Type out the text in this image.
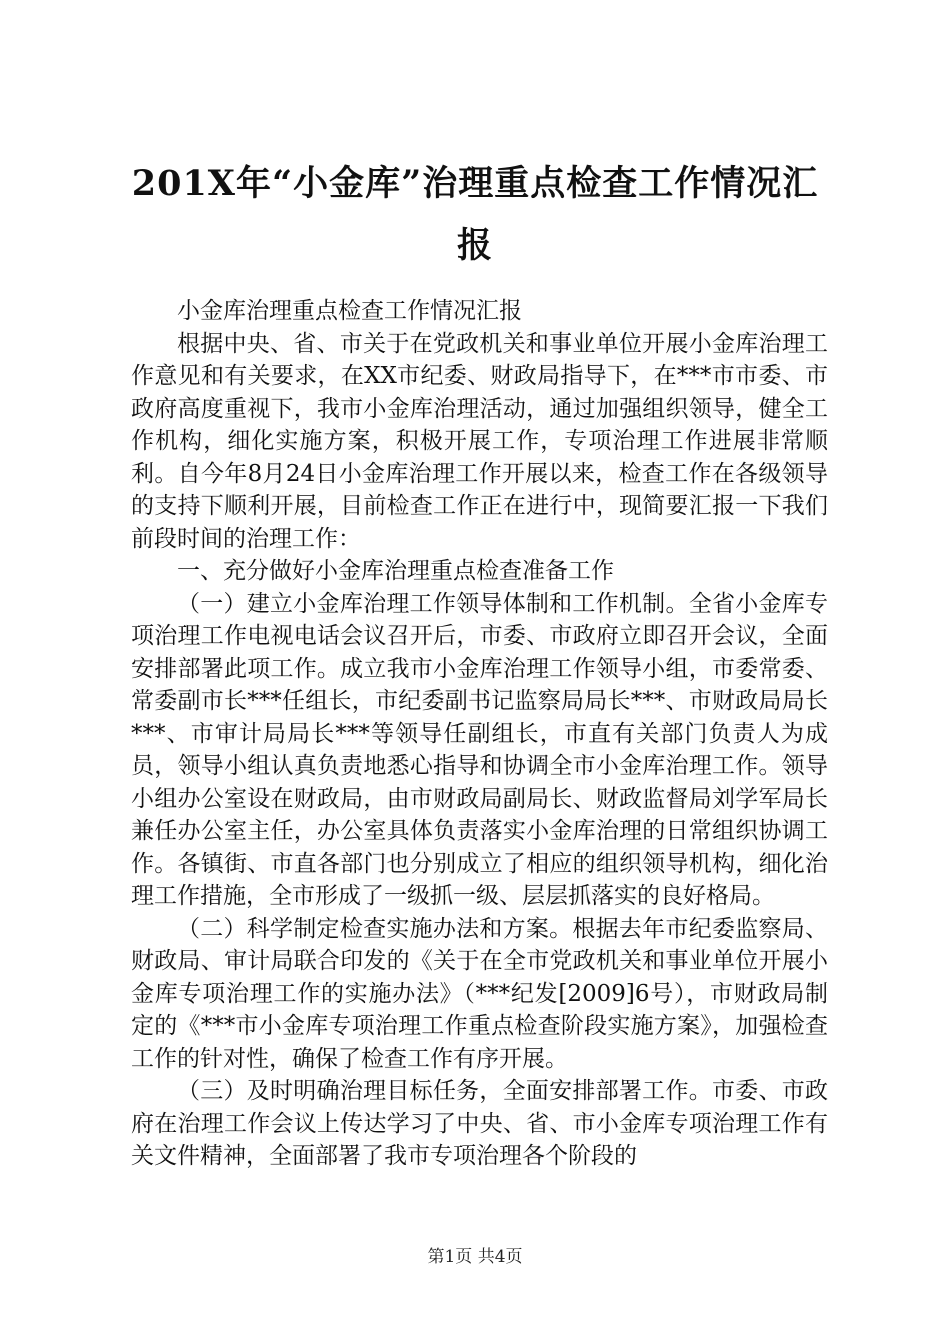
201X年“小金库”治理重点检查工作情况汇
报

小金库治理重点检查工作情况汇报

根据中央、省、市关于在党政机关和事业单位开展小金库治理工作意见和有关要求，在XX市纪委、财政局指导下，在***市市委、市政府高度重视下，我市小金库治理活动，通过加强组织领导，健全工作机构，细化实施方案，积极开展工作，专项治理工作进展非常顺利。自今年8月24日小金库治理工作开展以来，检查工作在各级领导的支持下顺利开展，目前检查工作正在进行中，现简要汇报一下我们前段时间的治理工作：

一、充分做好小金库治理重点检查准备工作

（一）建立小金库治理工作领导体制和工作机制。全省小金库专项治理工作电视电话会议召开后，市委、市政府立即召开会议，全面安排部署此项工作。成立我市小金库治理工作领导小组，市委常委、常委副市长***任组长，市纪委副书记监察局局长***、市财政局局长***、市审计局局长***等领导任副组长，市直有关部门负责人为成员，领导小组认真负责地悉心指导和协调全市小金库治理工作。领导小组办公室设在财政局，由市财政局副局长、财政监督局刘学军局长兼任办公室主任，办公室具体负责落实小金库治理的日常组织协调工作。各镇街、市直各部门也分别成立了相应的组织领导机构，细化治理工作措施，全市形成了一级抓一级、层层抓落实的良好格局。

（二）科学制定检查实施办法和方案。根据去年市纪委监察局、财政局、审计局联合印发的《关于在全市党政机关和事业单位开展小金库专项治理工作的实施办法》（***纪发[2009]6号），市财政局制定的《***市小金库专项治理工作重点检查阶段实施方案》，加强检查工作的针对性，确保了检查工作有序开展。

（三）及时明确治理目标任务，全面安排部署工作。市委、市政府在治理工作会议上传达学习了中央、省、市小金库专项治理工作有关文件精神，全面部署了我市专项治理各个阶段的

第1页 共4页
